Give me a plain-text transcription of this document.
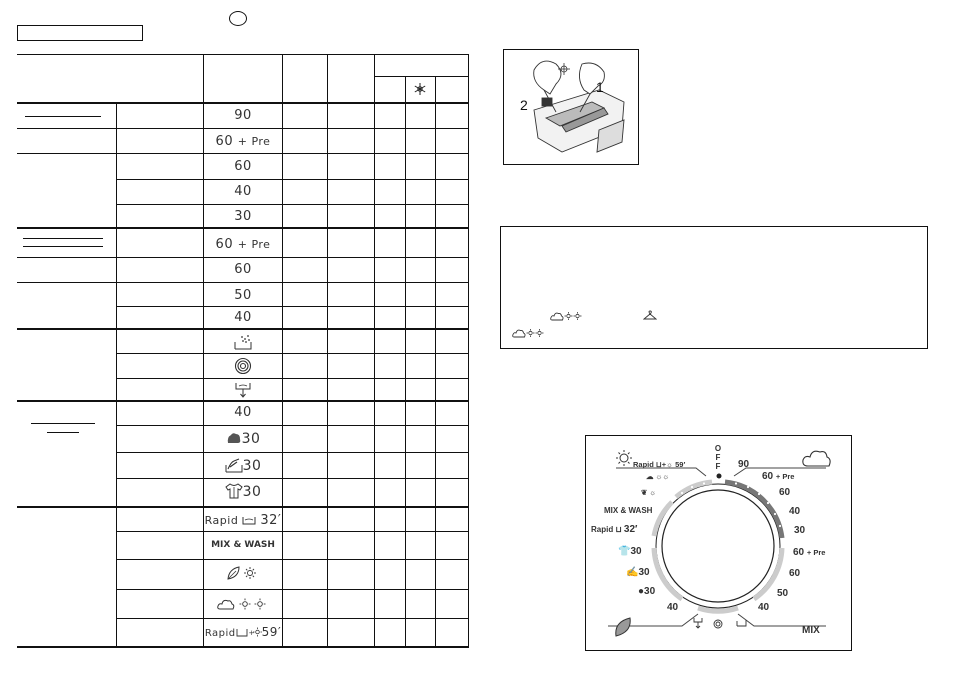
90
60 + Pre
60
40
30
60 + Pre
60
50
40
40
30
30
30
Rapid 32′
MIX & WASH
Rapid + 59′
1
2
OFF
Rapid ⊔+☼ 59′
☁ ☼☼
❦ ☼
MIX & WASH
Rapid ⊔ 32′
👕30
✍30
●30
40
90
60 + Pre
60
40
30
60 + Pre
60
50
40
MIX
